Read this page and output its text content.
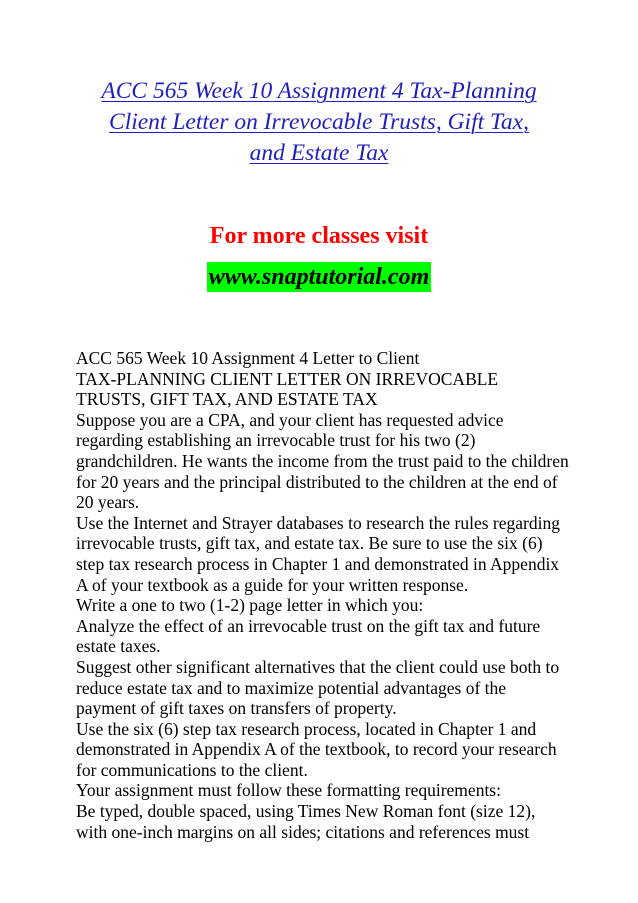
ACC 565 Week 10 Assignment 4 Tax-Planning
Client Letter on Irrevocable Trusts, Gift Tax,
and Estate Tax
For more classes visit
www.snaptutorial.com
ACC 565 Week 10 Assignment 4 Letter to Client
TAX-PLANNING CLIENT LETTER ON IRREVOCABLE
TRUSTS, GIFT TAX, AND ESTATE TAX
Suppose you are a CPA, and your client has requested advice
regarding establishing an irrevocable trust for his two (2)
grandchildren. He wants the income from the trust paid to the children
for 20 years and the principal distributed to the children at the end of
20 years.
Use the Internet and Strayer databases to research the rules regarding
irrevocable trusts, gift tax, and estate tax. Be sure to use the six (6)
step tax research process in Chapter 1 and demonstrated in Appendix
A of your textbook as a guide for your written response.
Write a one to two (1-2) page letter in which you:
Analyze the effect of an irrevocable trust on the gift tax and future
estate taxes.
Suggest other significant alternatives that the client could use both to
reduce estate tax and to maximize potential advantages of the
payment of gift taxes on transfers of property.
Use the six (6) step tax research process, located in Chapter 1 and
demonstrated in Appendix A of the textbook, to record your research
for communications to the client.
Your assignment must follow these formatting requirements:
Be typed, double spaced, using Times New Roman font (size 12),
with one-inch margins on all sides; citations and references must
